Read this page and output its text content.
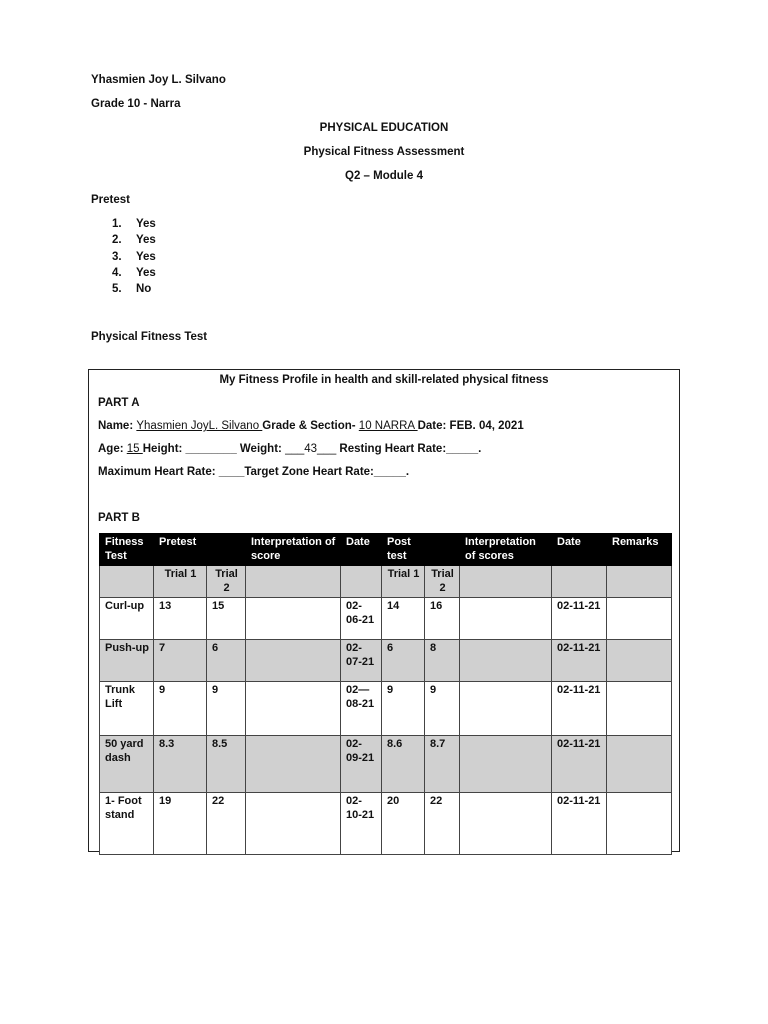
Yhasmien Joy L. Silvano
Grade 10 - Narra
PHYSICAL EDUCATION
Physical Fitness Assessment
Q2 – Module 4
Pretest
1.	Yes
2.	Yes
3.	Yes
4.	Yes
5.	No
Physical Fitness Test
My Fitness Profile in health and skill-related physical fitness
PART A
Name: Yhasmien JoyL. Silvano Grade & Section- 10 NARRA Date: FEB. 04, 2021
Age: 15 Height: ________ Weight: ___43___ Resting Heart Rate:_____.
Maximum Heart Rate: ____Target Zone Heart Rate:_____.
PART B
Fitness Test	Pretest		Interpretation of score	Date	Post test		Interpretation of scores	Date	Remarks
	Trial 1	Trial 2			Trial 1	Trial 2			
Curl-up	13	15		02-06-21	14	16		02-11-21	
Push-up	7	6		02-07-21	6	8		02-11-21	
Trunk Lift	9	9		02—08-21	9	9		02-11-21	
50 yard dash	8.3	8.5		02-09-21	8.6	8.7		02-11-21	
1- Foot stand	19	22		02-10-21	20	22		02-11-21	
